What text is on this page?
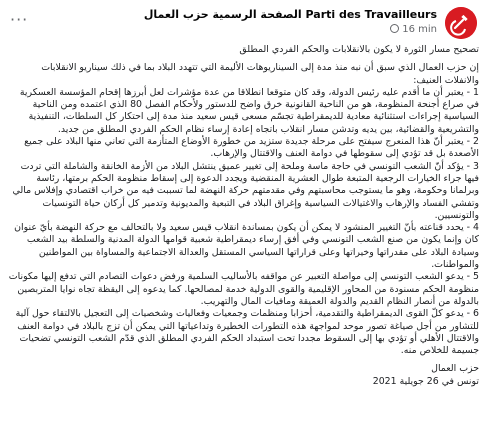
···	Parti des Travailleurs الصفحة الرسمية حزب العمال
16 min

تصحيح مسار الثورة لا يكون بالانقلابات والحكم الفردي المطلق

إن حزب العمال الذي سبق أن نبه منذ مدة إلى السيناريوهات الأليمة التي تتهدد البلاد بما في ذلك سيناريو الانقلابات والانفلات العنيف:

1 - يعتبر أن ما أقدم عليه رئيس الدولة، وقد كان متوقعا انطلاقا من عدة مؤشرات لعل أبرزها إقحام المؤسسة العسكرية في صراع أجنحة المنظومة، هو من الناحية القانونية خرق واضح للدستور ولأحكام الفصل 80 الذي اعتمده ومن الناحية السياسية إجراءات استثنائية معادية للديمقراطية تجسّم مسعى قيس سعيد منذ مدة إلى احتكار كل السلطات، التنفيذية والتشريعية والقضائية، بين يديه وتدشن مسار انقلاب باتجاه إعادة إرساء نظام الحكم الفردي المطلق من جديد.

2 - يعتبر أنّ هذا المنعرج سيفتح على مرحلة جديدة ستزيد من خطورة الأوضاع المتأزمة التي تعاني منها البلاد على جميع الأصعدة بل قد تؤدي إلى سقوطها في دوامة العنف والاقتتال والإرهاب.

3 - يؤكد أنّ الشعب التونسي في حاجة ماسة وملحة إلى تغيير عميق ينتشل البلاد من الأزمة الخانقة والشاملة التي تردت فيها جراء الخيارات الرجعية المتبعة طوال العشرية المنقضية ويجدد الدعوة إلى إسقاط منظومة الحكم برمتها، رئاسة وبرلمانا وحكومة، وهو ما يستوجب محاسبتهم وفي مقدمتهم حركة النهضة لما تسببت فيه من خراب اقتصادي وإفلاس مالي وتفشي الفساد والإرهاب والاغتيالات السياسية وإغراق البلاد في التبعية والمديونية وتدمير كل أركان حياة التونسيات والتونسيين.

4 - يحدد قناعته بأنّ التغيير المنشود لا يمكن أن يكون بمساندة انقلاب قيس سعيد ولا بالتحالف مع حركة النهضة بأيّ عنوان كان وإنما يكون من صنع الشعب التونسي وفي أفق إرساء ديمقراطية شعبية قوامها الدولة المدنية والسلطة بيد الشعب وسيادة البلاد على مقدراتها وخيراتها وعلى قراراتها السياسي المستقل والعدالة الاجتماعية والمساواة بين المواطنين والمواطنات.

5 - يدعو الشعب التونسي إلى مواصلة التعبير عن مواقفه بالأساليب السلمية ورفض دعوات التصادم التي تدفع إليها مكونات منظومة الحكم مسنودة من المحاور الإقليمية والقوى الدولية خدمة لمصالحها. كما يدعوه إلى اليقظة تجاه نوايا المتربصين بالدولة من أنصار النظام القديم والدولة العميقة ومافيات المال والتهريب.

6 - يدعو كلّ القوى الديمقراطية والتقدمية، أحزابا ومنظمات وجمعيات وفعاليات وشخصيات إلى التعجيل بالالتقاء حول آلية للتشاور من أجل صياغة تصور موحد لمواجهة هذه التطورات الخطيرة وتداعياتها التي يمكن أن تزج بالبلاد في دوامة العنف والاقتتال الأهلي أو تؤدي بها إلى السقوط مجددا تحت استبداد الحكم الفردي المطلق الذي قدّم الشعب التونسي تضحيات جسيمة للخلاص منه.

حزب العمال

تونس في 26 جويلية 2021
